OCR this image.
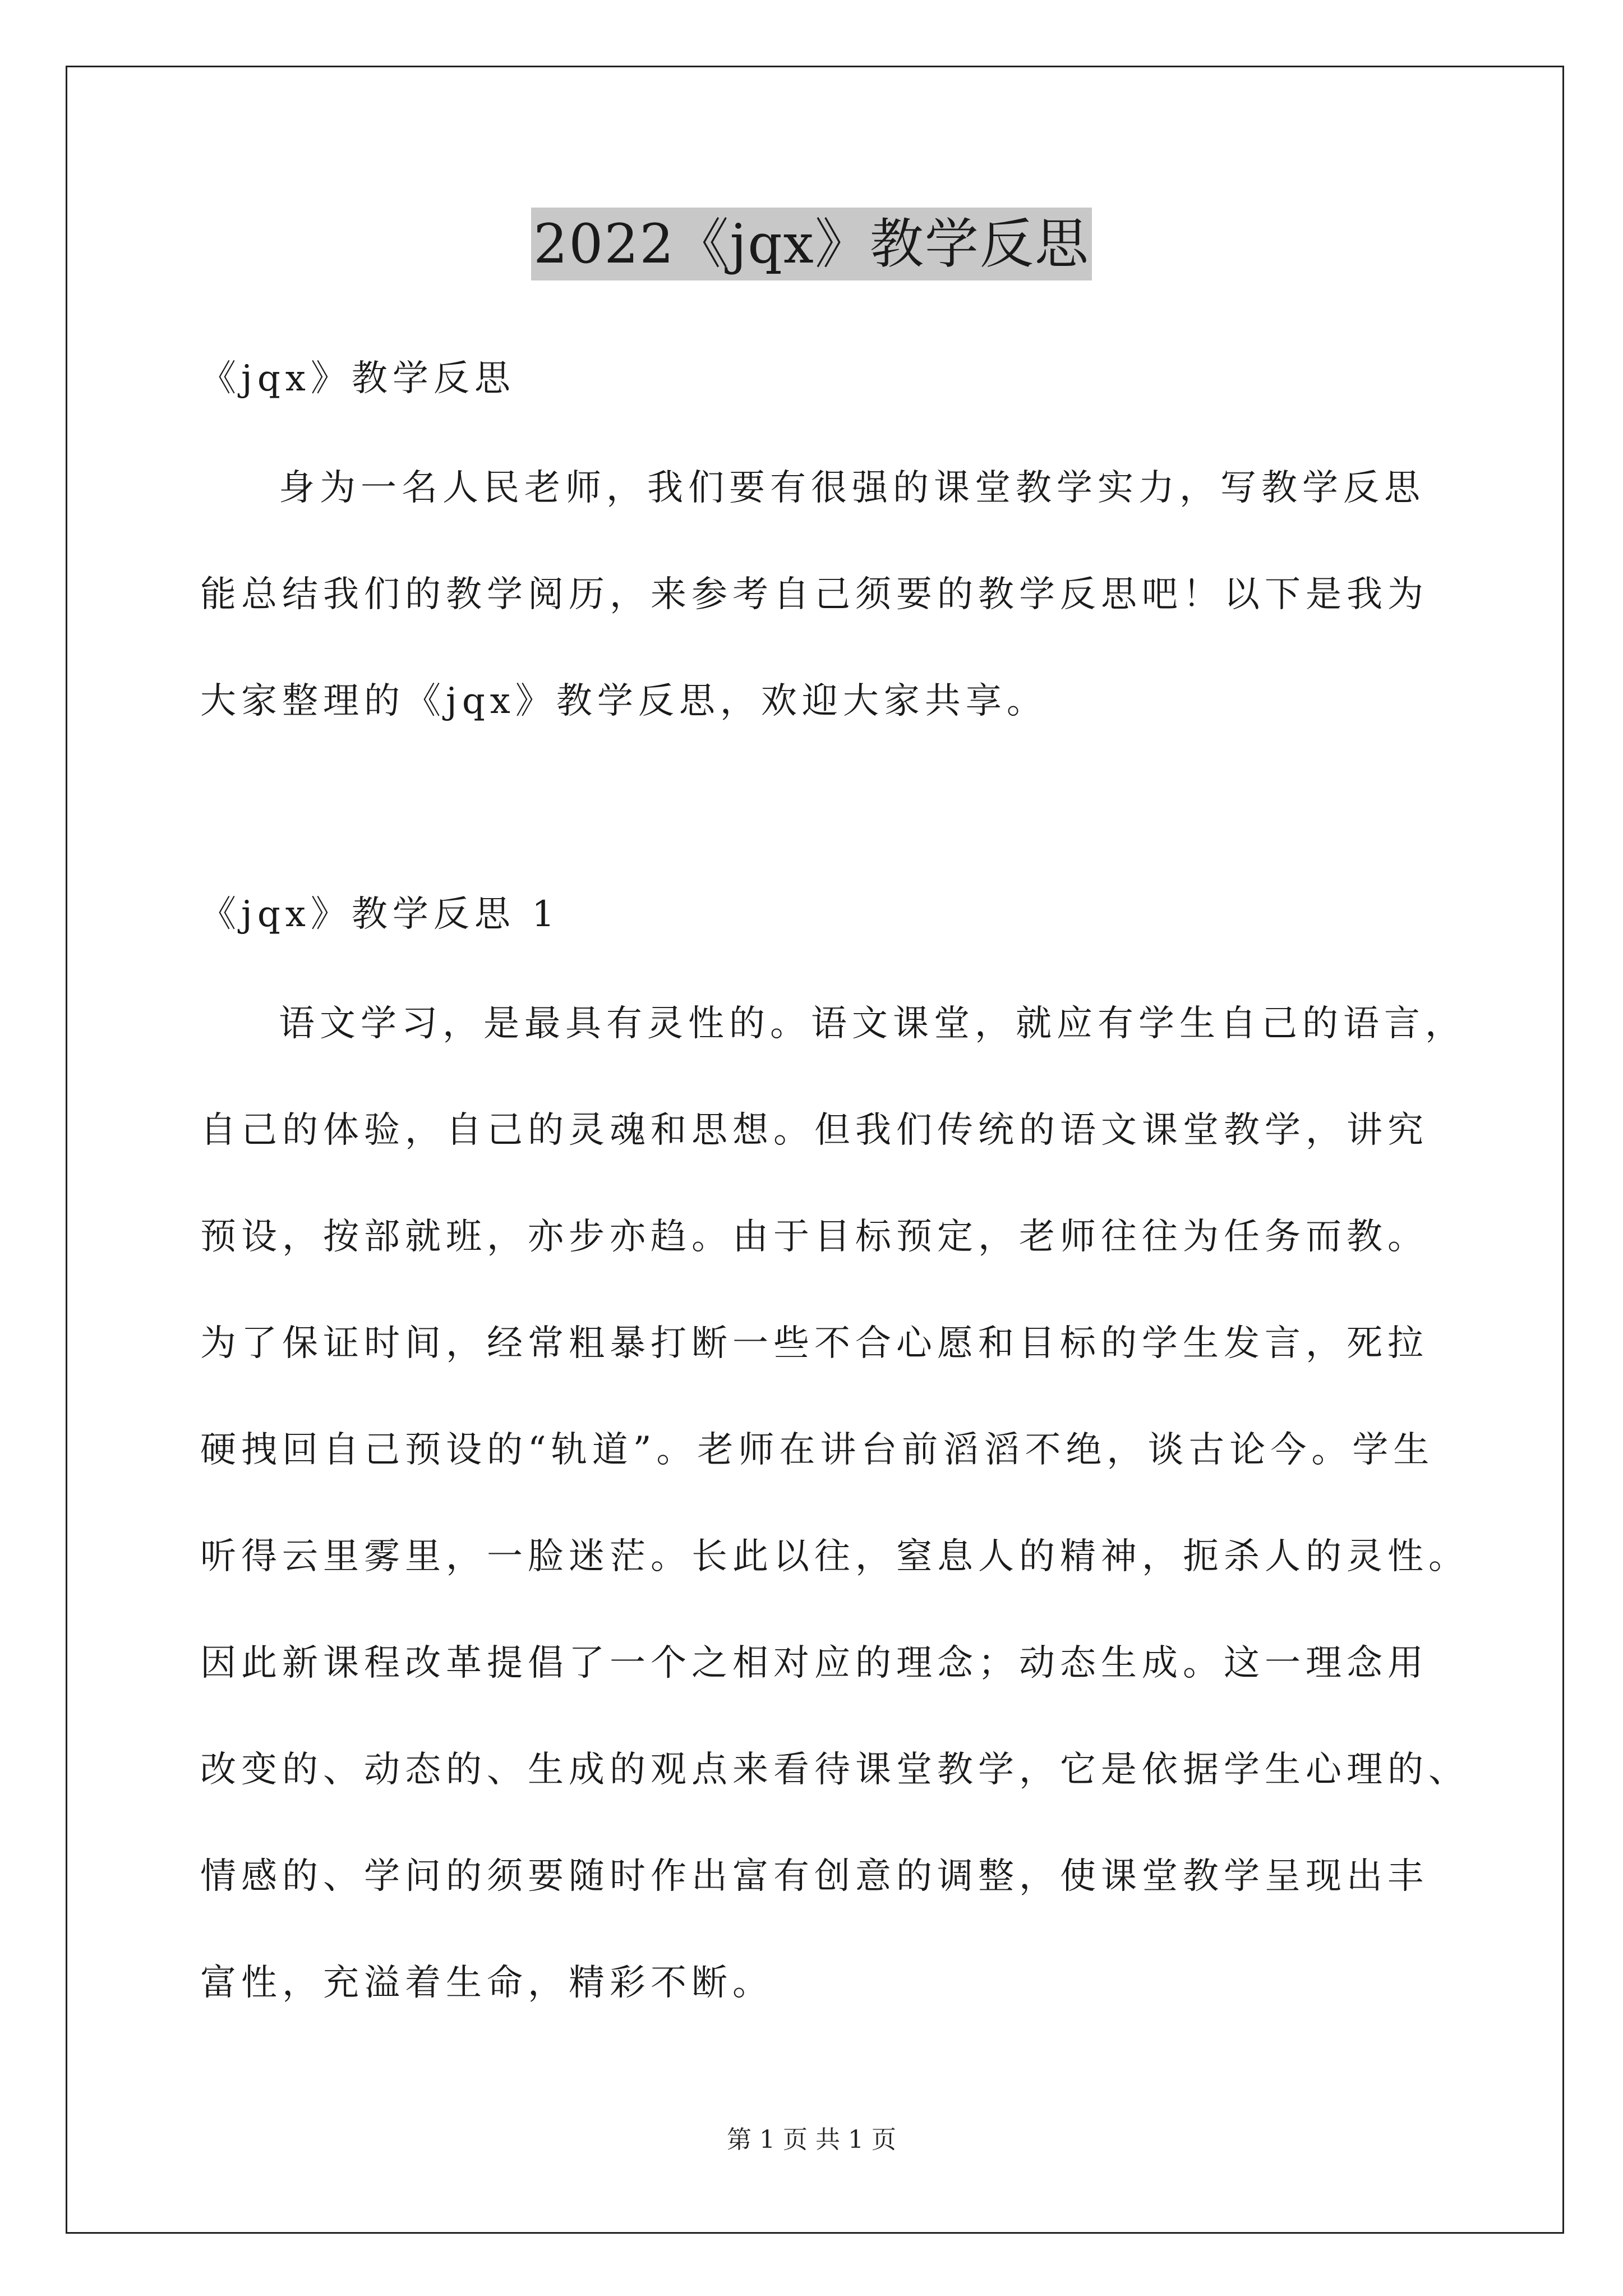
2022《jqx》教学反思
《jqx》教学反思
身为一名人民老师，我们要有很强的课堂教学实力，写教学反思
能总结我们的教学阅历，来参考自己须要的教学反思吧！以下是我为
大家整理的《jqx》教学反思，欢迎大家共享。
《jqx》教学反思 1
语文学习，是最具有灵性的。语文课堂，就应有学生自己的语言，
自己的体验，自己的灵魂和思想。但我们传统的语文课堂教学，讲究
预设，按部就班，亦步亦趋。由于目标预定，老师往往为任务而教。
为了保证时间，经常粗暴打断一些不合心愿和目标的学生发言，死拉
硬拽回自己预设的“轨道”。老师在讲台前滔滔不绝，谈古论今。学生
听得云里雾里，一脸迷茫。长此以往，窒息人的精神，扼杀人的灵性。
因此新课程改革提倡了一个之相对应的理念；动态生成。这一理念用
改变的、动态的、生成的观点来看待课堂教学，它是依据学生心理的、
情感的、学问的须要随时作出富有创意的调整，使课堂教学呈现出丰
富性，充溢着生命，精彩不断。
第 1 页 共 1 页
